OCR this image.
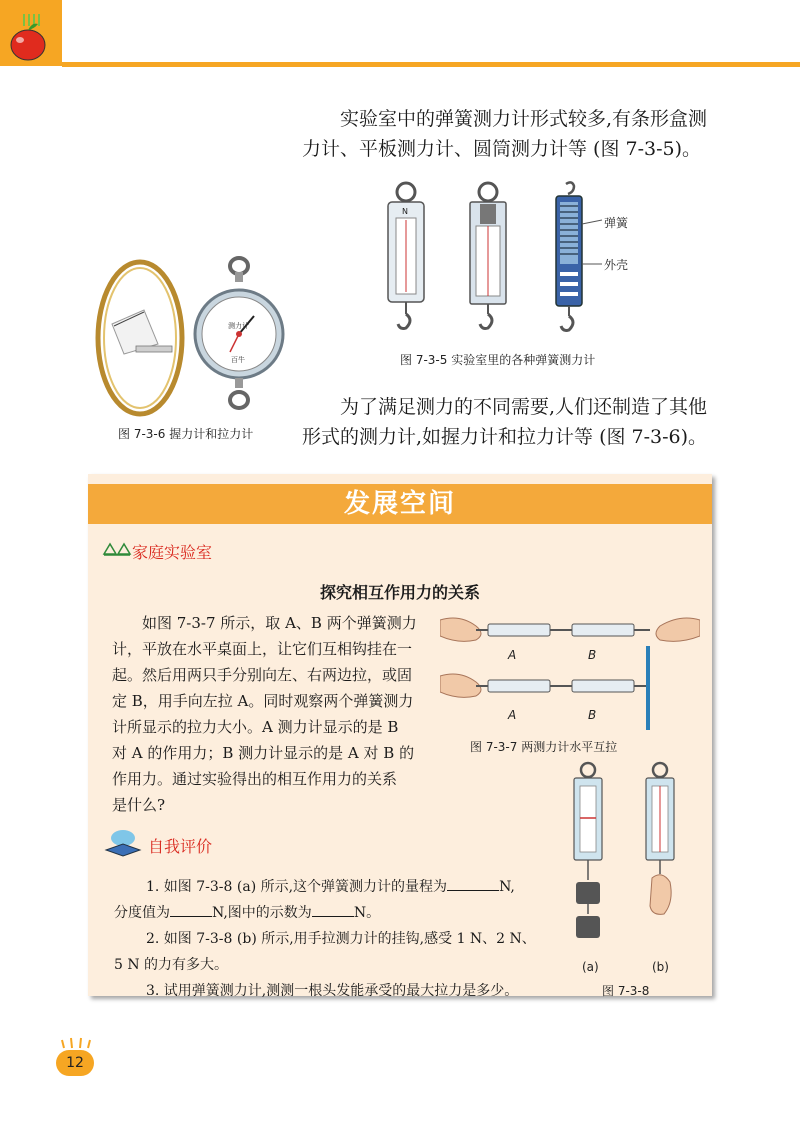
实验室中的弹簧测力计形式较多,有条形盒测
力计、平板测力计、圆筒测力计等 (图 7-3-5)。
N
弹簧
外壳
图 7-3-5 实验室里的各种弹簧测力计
测力计
百牛
图 7-3-6 握力计和拉力计
为了满足测力的不同需要,人们还制造了其他
形式的测力计,如握力计和拉力计等 (图 7-3-6)。
发展空间
家庭实验室
探究相互作用力的关系
如图 7-3-7 所示，取 A、B 两个弹簧测力
计，平放在水平桌面上，让它们互相钩挂在一
起。然后用两只手分别向左、右两边拉，或固
定 B，用手向左拉 A。同时观察两个弹簧测力
计所显示的拉力大小。A 测力计显示的是 B
对 A 的作用力；B 测力计显示的是 A 对 B 的
作用力。通过实验得出的相互作用力的关系
是什么?
A	B
A	B
图 7-3-7 两测力计水平互拉
自我评价
1. 如图 7-3-8 (a) 所示,这个弹簧测力计的量程为	N,
分度值为	N,图中的示数为	N。
2. 如图 7-3-8 (b) 所示,用手拉测力计的挂钩,感受 1 N、2 N、
5 N 的力有多大。
3. 试用弹簧测力计,测测一根头发能承受的最大拉力是多少。
(a)	(b)
图 7-3-8
12
